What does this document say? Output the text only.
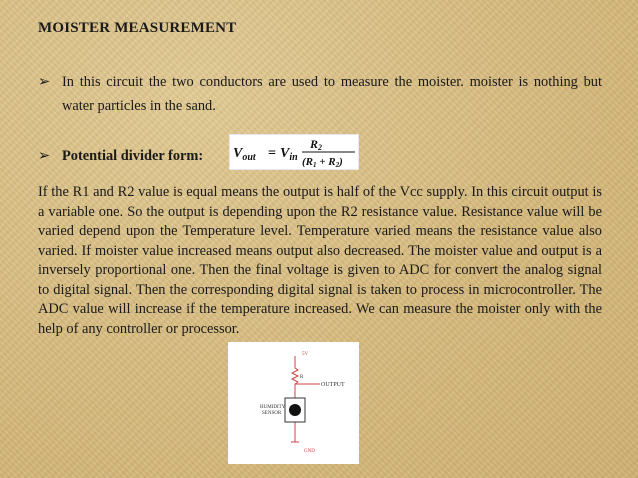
MOISTER MEASUREMENT
➢ In this circuit the two conductors are used to measure the moister. moister is nothing but water particles in the sand.
➢ Potential divider form:	$V_{out} = V_{in}$
R2
(R1 + R2)
If the R1 and R2 value is equal means the output is half of the Vcc supply. In this circuit output is a variable one. So the output is depending upon the R2 resistance value. Resistance value will be varied depend upon the Temperature level. Temperature varied means the resistance value also varied. If moister value increased means output also decreased. The moister value and output is a inversely proportional one. Then the final voltage is given to ADC for convert the analog signal to digital signal. Then the corresponding digital signal is taken to process in microcontroller. The ADC value will increase if the temperature increased. We can measure the moister only with the help of any controller or processor.
5V
R
OUTPUT
HUMIDITY
SENSOR
GND
